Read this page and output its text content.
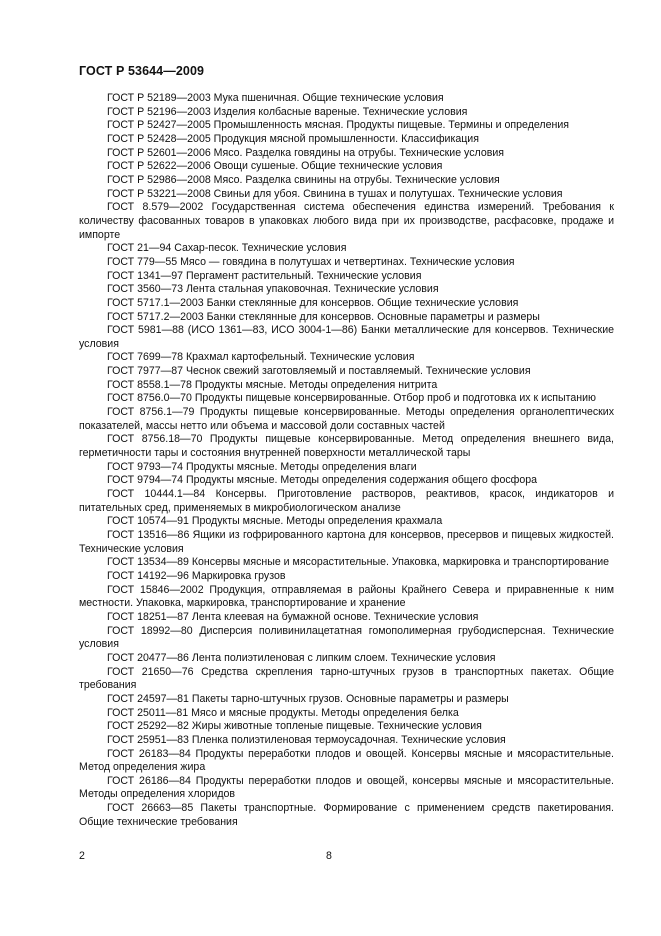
ГОСТ Р 53644—2009

ГОСТ Р 52189—2003 Мука пшеничная. Общие технические условия

ГОСТ Р 52196—2003 Изделия колбасные вареные. Технические условия

ГОСТ Р 52427—2005 Промышленность мясная. Продукты пищевые. Термины и определения

ГОСТ Р 52428—2005 Продукция мясной промышленности. Классификация

ГОСТ Р 52601—2006 Мясо. Разделка говядины на отрубы. Технические условия

ГОСТ Р 52622—2006 Овощи сушеные. Общие технические условия

ГОСТ Р 52986—2008 Мясо. Разделка свинины на отрубы. Технические условия

ГОСТ Р 53221—2008 Свиньи для убоя. Свинина в тушах и полутушах. Технические условия

ГОСТ 8.579—2002 Государственная система обеспечения единства измерений. Требования к количеству фасованных товаров в упаковках любого вида при их производстве, расфасовке, продаже и импорте

ГОСТ 21—94 Сахар-песок. Технические условия

ГОСТ 779—55 Мясо — говядина в полутушах и четвертинах. Технические условия

ГОСТ 1341—97 Пергамент растительный. Технические условия

ГОСТ 3560—73 Лента стальная упаковочная. Технические условия

ГОСТ 5717.1—2003 Банки стеклянные для консервов. Общие технические условия

ГОСТ 5717.2—2003 Банки стеклянные для консервов. Основные параметры и размеры

ГОСТ 5981—88 (ИСО 1361—83, ИСО 3004-1—86) Банки металлические для консервов. Технические условия

ГОСТ 7699—78 Крахмал картофельный. Технические условия

ГОСТ 7977—87 Чеснок свежий заготовляемый и поставляемый. Технические условия

ГОСТ 8558.1—78 Продукты мясные. Методы определения нитрита

ГОСТ 8756.0—70 Продукты пищевые консервированные. Отбор проб и подготовка их к испытанию

ГОСТ 8756.1—79 Продукты пищевые консервированные. Методы определения органолептических показателей, массы нетто или объема и массовой доли составных частей

ГОСТ 8756.18—70 Продукты пищевые консервированные. Метод определения внешнего вида, герметичности тары и состояния внутренней поверхности металлической тары

ГОСТ 9793—74 Продукты мясные. Методы определения влаги

ГОСТ 9794—74 Продукты мясные. Методы определения содержания общего фосфора

ГОСТ 10444.1—84 Консервы. Приготовление растворов, реактивов, красок, индикаторов и питательных сред, применяемых в микробиологическом анализе

ГОСТ 10574—91 Продукты мясные. Методы определения крахмала

ГОСТ 13516—86 Ящики из гофрированного картона для консервов, пресервов и пищевых жидкостей. Технические условия

ГОСТ 13534—89 Консервы мясные и мясорастительные. Упаковка, маркировка и транспортирование

ГОСТ 14192—96 Маркировка грузов

ГОСТ 15846—2002 Продукция, отправляемая в районы Крайнего Севера и приравненные к ним местности. Упаковка, маркировка, транспортирование и хранение

ГОСТ 18251—87 Лента клеевая на бумажной основе. Технические условия

ГОСТ 18992—80 Дисперсия поливинилацетатная гомополимерная грубодисперсная. Технические условия

ГОСТ 20477—86 Лента полиэтиленовая с липким слоем. Технические условия

ГОСТ 21650—76 Средства скрепления тарно-штучных грузов в транспортных пакетах. Общие требования

ГОСТ 24597—81 Пакеты тарно-штучных грузов. Основные параметры и размеры

ГОСТ 25011—81 Мясо и мясные продукты. Методы определения белка

ГОСТ 25292—82 Жиры животные топленые пищевые. Технические условия

ГОСТ 25951—83 Пленка полиэтиленовая термоусадочная. Технические условия

ГОСТ 26183—84 Продукты переработки плодов и овощей. Консервы мясные и мясорастительные. Метод определения жира

ГОСТ 26186—84 Продукты переработки плодов и овощей, консервы мясные и мясорастительные. Методы определения хлоридов

ГОСТ 26663—85 Пакеты транспортные. Формирование с применением средств пакетирования. Общие технические требования

2	8
